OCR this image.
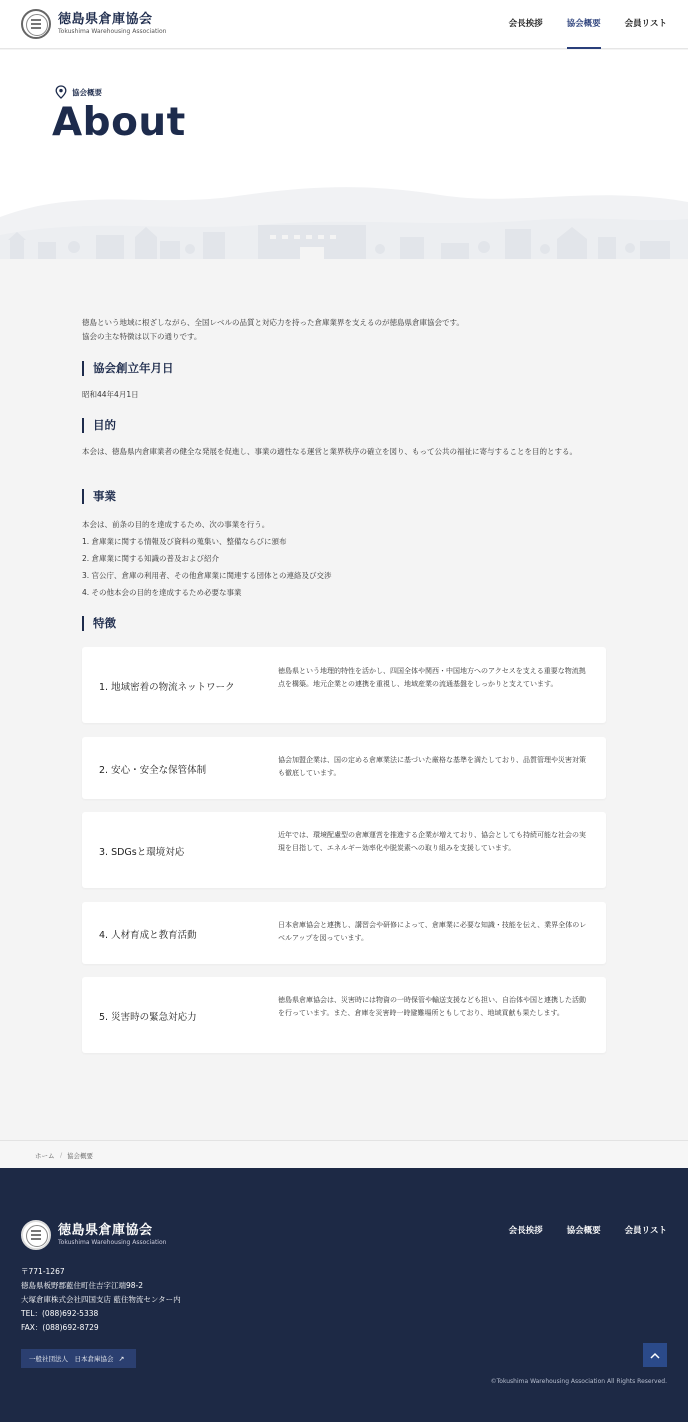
徳島県倉庫協会
Tokushima Warehousing Association
会長挨拶	協会概要	会員リスト
協会概要
About
徳島という地域に根ざしながら、全国レベルの品質と対応力を持った倉庫業界を支えるのが徳島県倉庫協会です。
協会の主な特徴は以下の通りです。
協会創立年月日
昭和44年4月1日
目的
本会は、徳島県内倉庫業者の健全な発展を促進し、事業の適性なる運営と業界秩序の確立を図り、もって公共の福祉に寄与することを目的とする。
事業
本会は、前条の目的を達成するため、次の事業を行う。
1. 倉庫業に関する情報及び資料の蒐集い、整備ならびに頒布
2. 倉庫業に関する知識の普及および紹介
3. 官公庁、倉庫の利用者、その他倉庫業に関連する団体との連絡及び交渉
4. その他本会の目的を達成するため必要な事業
特徴
1. 地域密着の物流ネットワーク
徳島県という地理的特性を活かし、四国全体や関西・中国地方へのアクセスを支える重要な物流拠点を構築。地元企業との連携を重視し、地域産業の流通基盤をしっかりと支えています。
2. 安心・安全な保管体制
協会加盟企業は、国の定める倉庫業法に基づいた厳格な基準を満たしており、品質管理や災害対策も徹底しています。
3. SDGsと環境対応
近年では、環境配慮型の倉庫運営を推進する企業が増えており、協会としても持続可能な社会の実現を目指して、エネルギー効率化や脱炭素への取り組みを支援しています。
4. 人材育成と教育活動
日本倉庫協会と連携し、講習会や研修によって、倉庫業に必要な知識・技能を伝え、業界全体のレベルアップを図っています。
5. 災害時の緊急対応力
徳島県倉庫協会は、災害時には物資の一時保管や輸送支援なども担い、自治体や国と連携した活動を行っています。また、倉庫を災害時一時避難場所ともしており、地域貢献も果たします。
ホーム / 協会概要
徳島県倉庫協会
Tokushima Warehousing Association
会長挨拶	協会概要	会員リスト
〒771-1267
徳島県板野郡藍住町住吉字江端98-2
大塚倉庫株式会社四国支店 藍住物流センター内
TEL：(088)692-5338
FAX：(088)692-8729
一般社団法人　日本倉庫協会 ↗
©Tokushima Warehousing Association All Rights Reserved.
